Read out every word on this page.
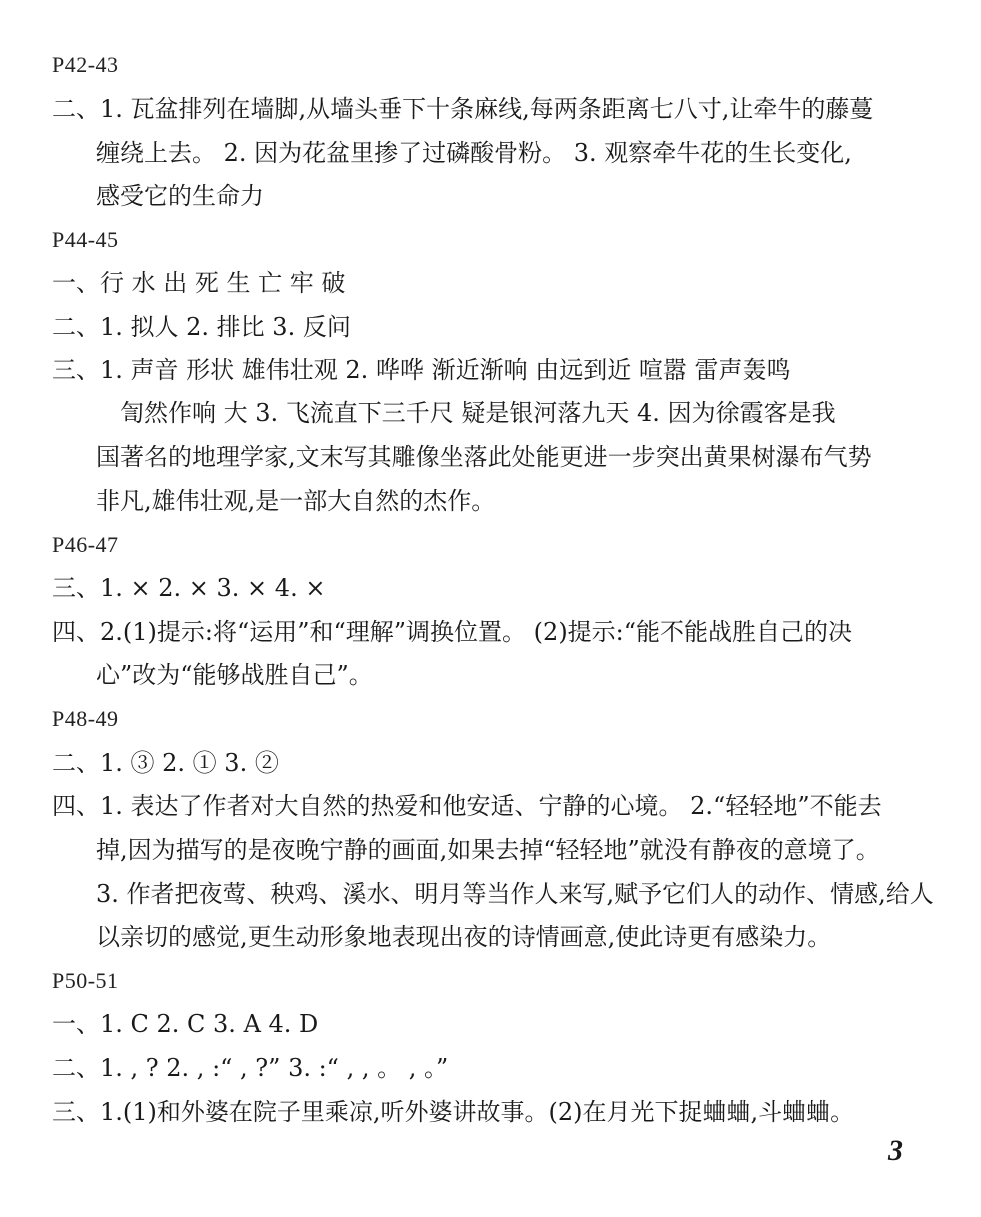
P42-43
二、1. 瓦盆排列在墙脚,从墙头垂下十条麻线,每两条距离七八寸,让牵牛的藤蔓
缠绕上去。 2. 因为花盆里掺了过磷酸骨粉。 3. 观察牵牛花的生长变化,
感受它的生命力
P44-45
一、行 水 出 死 生 亡 牢 破
二、1. 拟人 2. 排比 3. 反问
三、1. 声音 形状 雄伟壮观 2. 哗哗 渐近渐响 由远到近 喧嚣 雷声轰鸣
訇然作响 大 3. 飞流直下三千尺 疑是银河落九天 4. 因为徐霞客是我
国著名的地理学家,文末写其雕像坐落此处能更进一步突出黄果树瀑布气势
非凡,雄伟壮观,是一部大自然的杰作。
P46-47
三、1. × 2. × 3. × 4. ×
四、2.(1)提示:将“运用”和“理解”调换位置。 (2)提示:“能不能战胜自己的决
心”改为“能够战胜自己”。
P48-49
二、1. ③ 2. ① 3. ②
四、1. 表达了作者对大自然的热爱和他安适、宁静的心境。 2.“轻轻地”不能去
掉,因为描写的是夜晚宁静的画面,如果去掉“轻轻地”就没有静夜的意境了。
3. 作者把夜莺、秧鸡、溪水、明月等当作人来写,赋予它们人的动作、情感,给人
以亲切的感觉,更生动形象地表现出夜的诗情画意,使此诗更有感染力。
P50-51
一、1. C 2. C 3. A 4. D
二、1. , ? 2. , :“ , ?” 3. :“ , , 。 , 。”
三、1.(1)和外婆在院子里乘凉,听外婆讲故事。(2)在月光下捉蛐蛐,斗蛐蛐。
3
